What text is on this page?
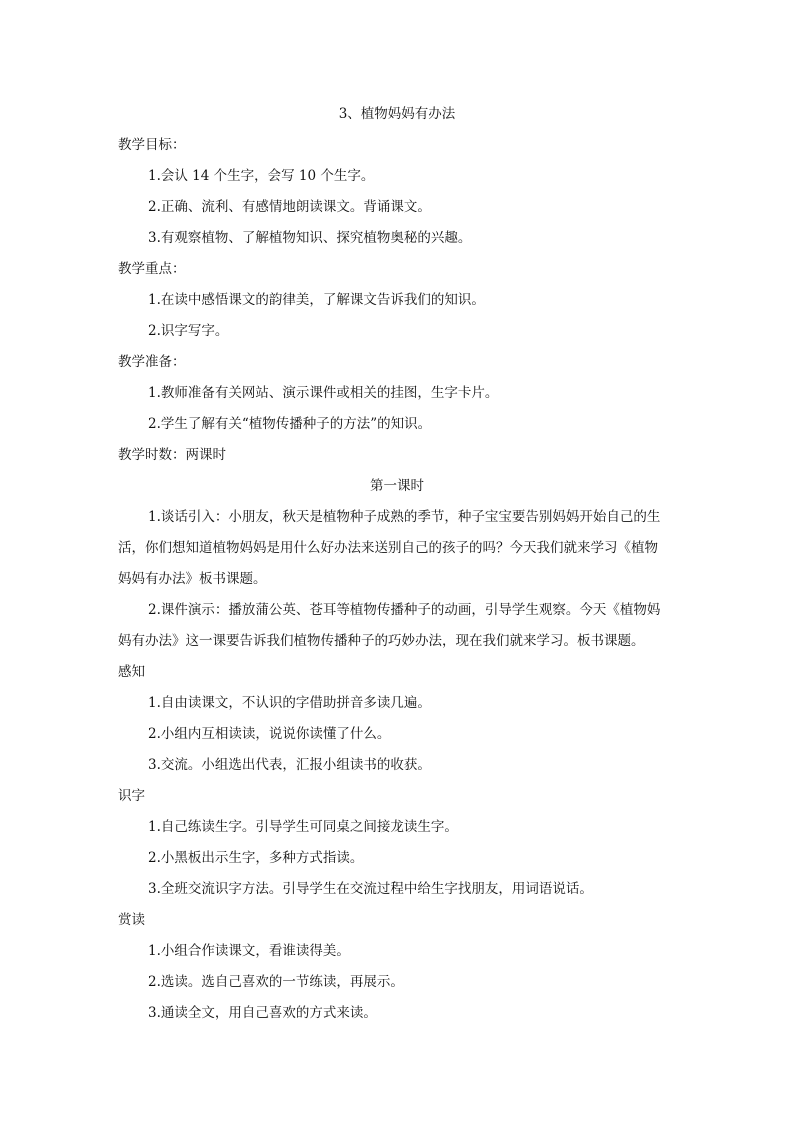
3、植物妈妈有办法
教学目标：
1.会认 14 个生字，会写 10 个生字。
2.正确、流利、有感情地朗读课文。背诵课文。
3.有观察植物、了解植物知识、探究植物奥秘的兴趣。
教学重点：
1.在读中感悟课文的韵律美，了解课文告诉我们的知识。
2.识字写字。
教学准备：
1.教师准备有关网站、演示课件或相关的挂图，生字卡片。
2.学生了解有关“植物传播种子的方法”的知识。
教学时数：两课时
第一课时
1.谈话引入：小朋友，秋天是植物种子成熟的季节，种子宝宝要告别妈妈开始自己的生
活，你们想知道植物妈妈是用什么好办法来送别自己的孩子的吗？今天我们就来学习《植物
妈妈有办法》板书课题。
2.课件演示：播放蒲公英、苍耳等植物传播种子的动画，引导学生观察。今天《植物妈
妈有办法》这一课要告诉我们植物传播种子的巧妙办法，现在我们就来学习。板书课题。
感知
1.自由读课文，不认识的字借助拼音多读几遍。
2.小组内互相读读，说说你读懂了什么。
3.交流。小组选出代表，汇报小组读书的收获。
识字
1.自己练读生字。引导学生可同桌之间接龙读生字。
2.小黑板出示生字，多种方式指读。
3.全班交流识字方法。引导学生在交流过程中给生字找朋友，用词语说话。
赏读
1.小组合作读课文，看谁读得美。
2.选读。选自己喜欢的一节练读，再展示。
3.通读全文，用自己喜欢的方式来读。
